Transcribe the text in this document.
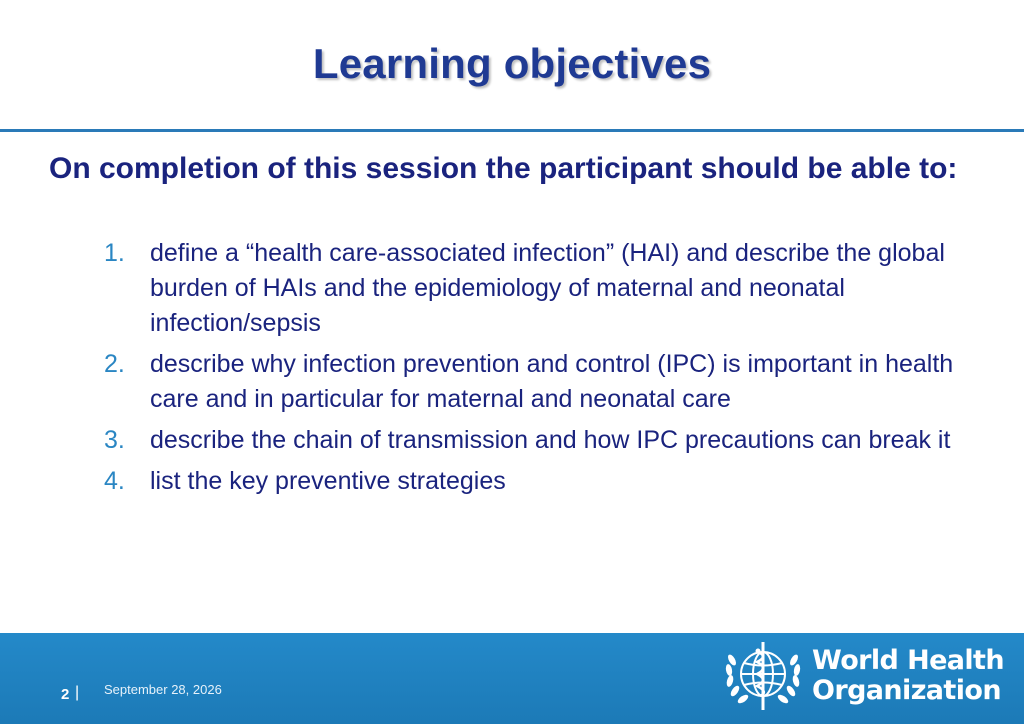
Learning objectives
On completion of this session the participant should be able to:
1.	define a “health care-associated infection” (HAI) and describe the global burden of HAIs and the epidemiology of maternal and neonatal infection/sepsis
2.	describe why infection prevention and control (IPC) is important in health care and in particular for maternal and neonatal care
3.	describe the chain of transmission and how IPC precautions can break it
4.	list the key preventive strategies
2 | September 28, 2026
World Health
Organization
